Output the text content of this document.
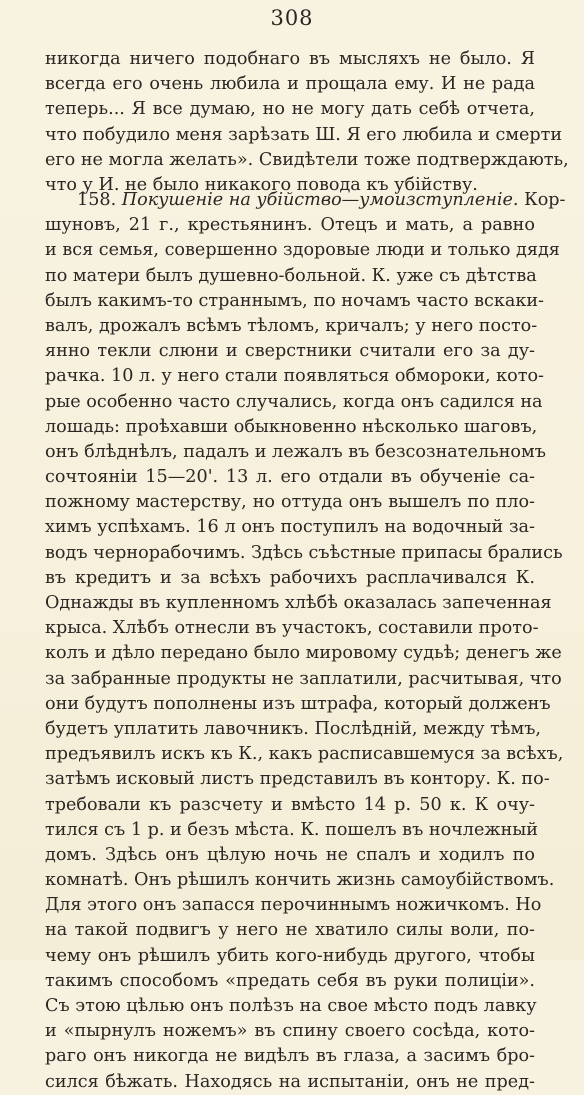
308
никогда ничего подобнаго въ мысляхъ не было. Я
всегда его очень любила и прощала ему. И не рада
теперь... Я все думаю, но не могу дать себѣ отчета,
что побудило меня зарѣзать Ш. Я его любила и смерти
его не могла желать». Свидѣтели тоже подтверждають,
что у И. не было никакого повода къ убійству.
158. Покушеніе на убійство—умоизступленіе. Кор-
шуновъ, 21 г., крестьянинъ. Отецъ и мать, а равно
и вся семья, совершенно здоровые люди и только дядя
по матери былъ душевно-больной. К. уже съ дѣтства
былъ какимъ-то страннымъ, по ночамъ часто вскаки-
валъ, дрожалъ всѣмъ тѣломъ, кричалъ; у него посто-
янно текли слюни и сверстники считали его за ду-
рачка. 10 л. у него стали появляться обмороки, кото-
рые особенно часто случались, когда онъ садился на
лошадь: проѣхавши обыкновенно нѣсколько шаговъ,
онъ блѣднѣлъ, падалъ и лежалъ въ безсознательномъ
сочтояніи 15—20'. 13 л. его отдали въ обученіе са-
пожному мастерству, но оттуда онъ вышелъ по пло-
химъ успѣхамъ. 16 л онъ поступилъ на водочный за-
водъ чернорабочимъ. Здѣсь съѣстные припасы брались
въ кредитъ и за всѣхъ рабочихъ расплачивался К.
Однажды въ купленномъ хлѣбѣ оказалась запеченная
крыса. Хлѣбъ отнесли въ участокъ, составили прото-
колъ и дѣло передано было мировому судьѣ; денегъ же
за забранные продукты не заплатили, расчитывая, что
они будутъ пополнены изъ штрафа, который долженъ
будетъ уплатить лавочникъ. Послѣдній, между тѣмъ,
предъявилъ искъ къ К., какъ расписавшемуся за всѣхъ,
затѣмъ исковый листъ представилъ въ контору. К. по-
требовали къ разсчету и вмѣсто 14 р. 50 к. К очу-
тился съ 1 р. и безъ мѣста. К. пошелъ въ ночлежный
домъ. Здѣсь онъ цѣлую ночь не спалъ и ходилъ по
комнатѣ. Онъ рѣшилъ кончить жизнь самоубійствомъ.
Для этого онъ запасся перочиннымъ ножичкомъ. Но
на такой подвигъ у него не хватило силы воли, по-
чему онъ рѣшилъ убить кого-нибудь другого, чтобы
такимъ способомъ «предать себя въ руки полиціи».
Съ этою цѣлью онъ полѣзъ на свое мѣсто подъ лавку
и «пырнулъ ножемъ» въ спину своего сосѣда, кото-
раго онъ никогда не видѣлъ въ глаза, а засимъ бро-
сился бѣжать. Находясь на испытаніи, онъ не пред-
